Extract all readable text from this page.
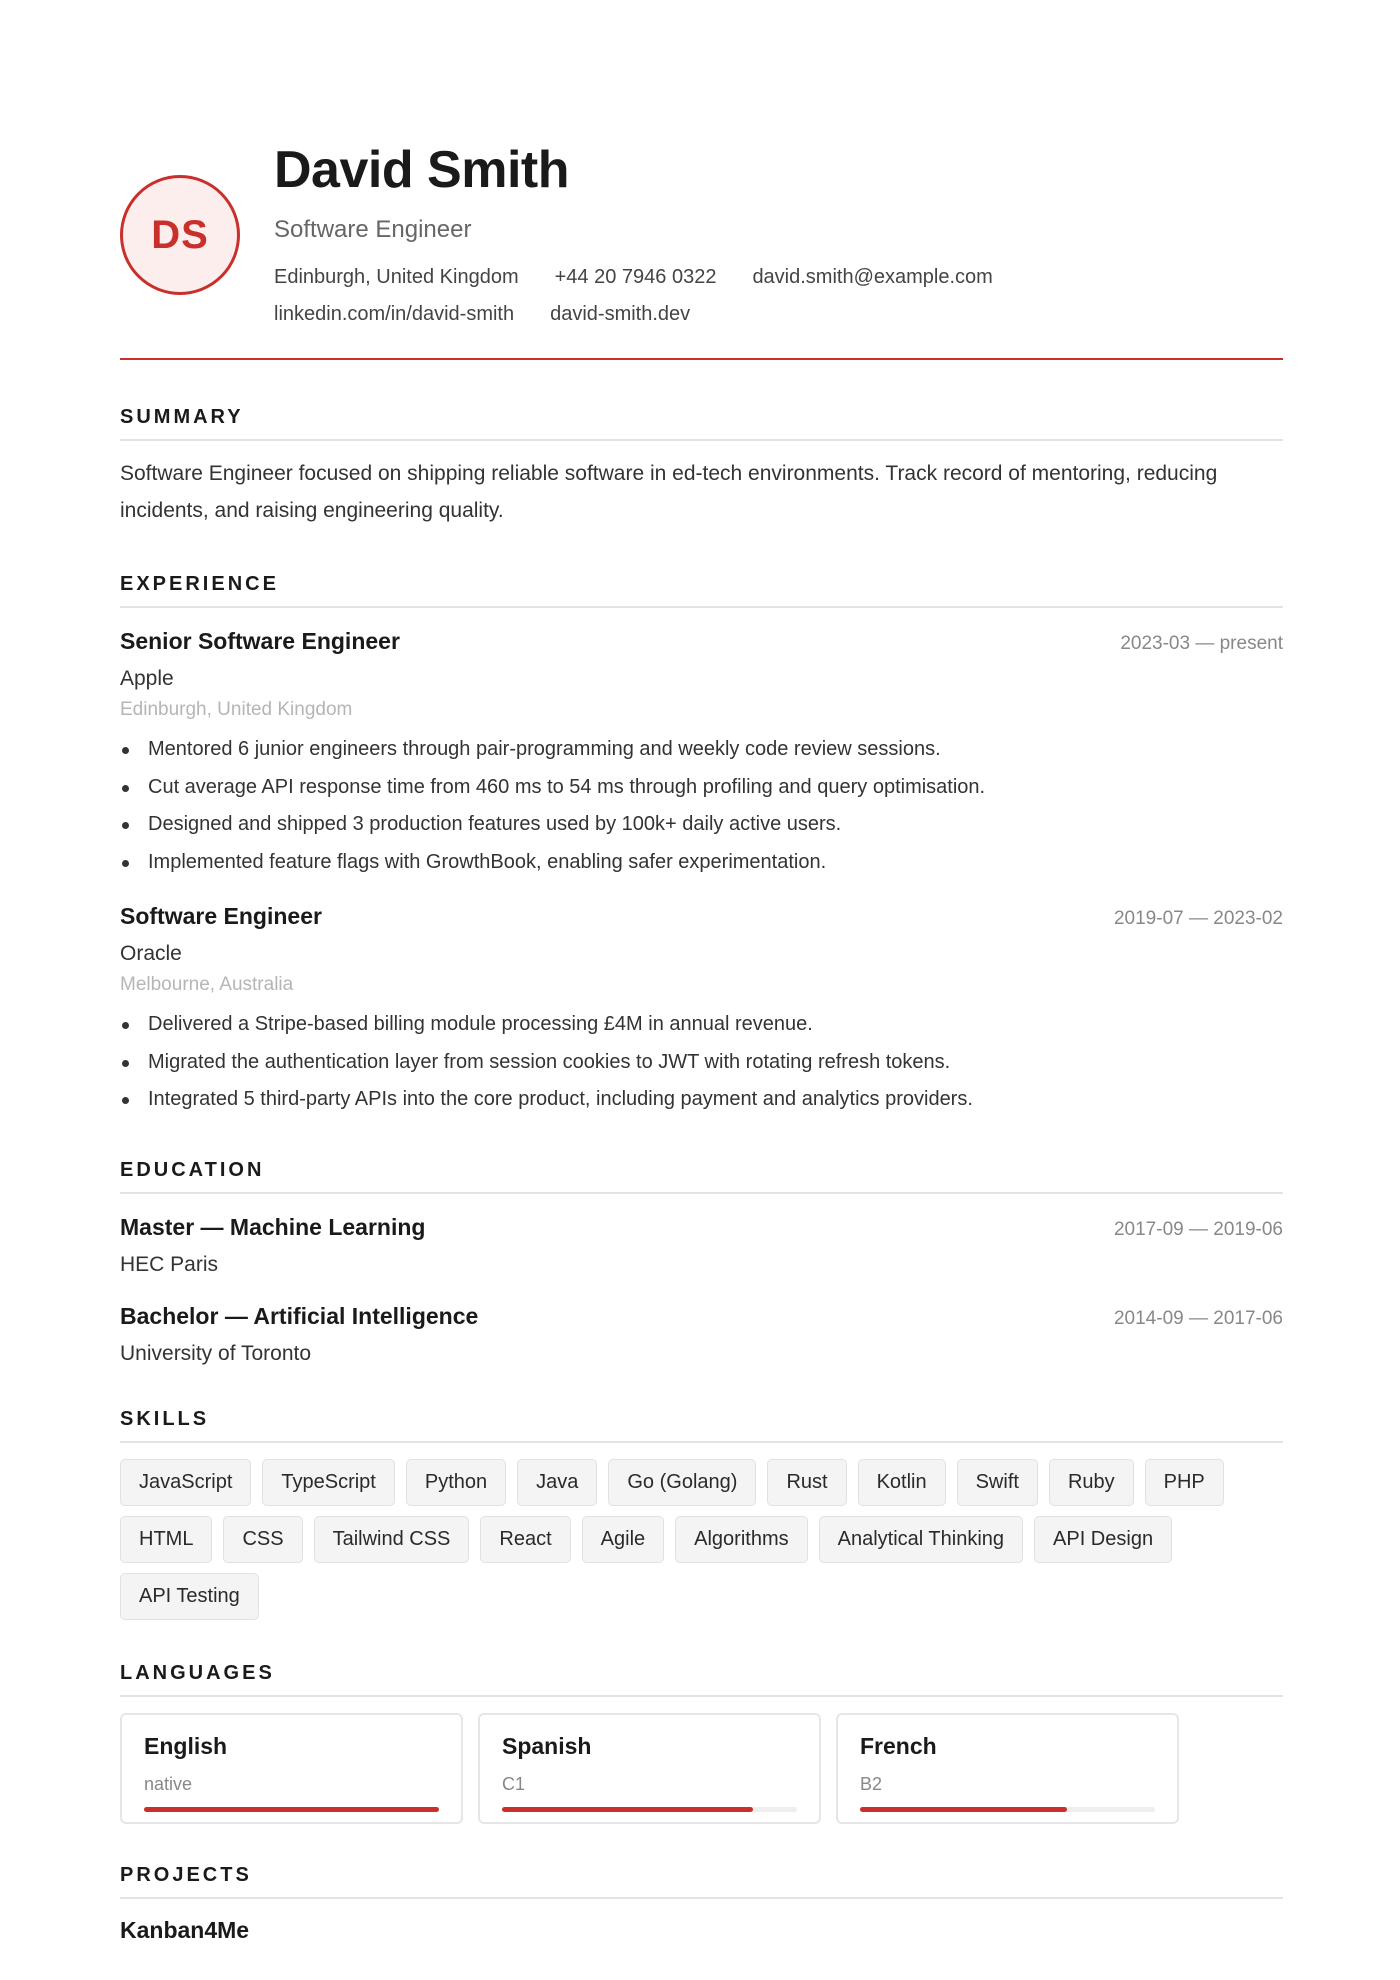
DS
David Smith
Software Engineer
Edinburgh, United Kingdom +44 20 7946 0322 david.smith@example.com
linkedin.com/in/david-smith david-smith.dev
SUMMARY
Software Engineer focused on shipping reliable software in ed-tech environments. Track record of mentoring, reducing incidents, and raising engineering quality.
EXPERIENCE
Senior Software Engineer	2023-03 — present
Apple
Edinburgh, United Kingdom
Mentored 6 junior engineers through pair-programming and weekly code review sessions.
Cut average API response time from 460 ms to 54 ms through profiling and query optimisation.
Designed and shipped 3 production features used by 100k+ daily active users.
Implemented feature flags with GrowthBook, enabling safer experimentation.
Software Engineer	2019-07 — 2023-02
Oracle
Melbourne, Australia
Delivered a Stripe-based billing module processing £4M in annual revenue.
Migrated the authentication layer from session cookies to JWT with rotating refresh tokens.
Integrated 5 third-party APIs into the core product, including payment and analytics providers.
EDUCATION
Master — Machine Learning	2017-09 — 2019-06
HEC Paris
Bachelor — Artificial Intelligence	2014-09 — 2017-06
University of Toronto
SKILLS
JavaScript	TypeScript	Python	Java	Go (Golang)	Rust	Kotlin	Swift	Ruby	PHP
HTML	CSS	Tailwind CSS	React	Agile	Algorithms	Analytical Thinking	API Design
API Testing
LANGUAGES
English
native
Spanish
C1
French
B2
PROJECTS
Kanban4Me
